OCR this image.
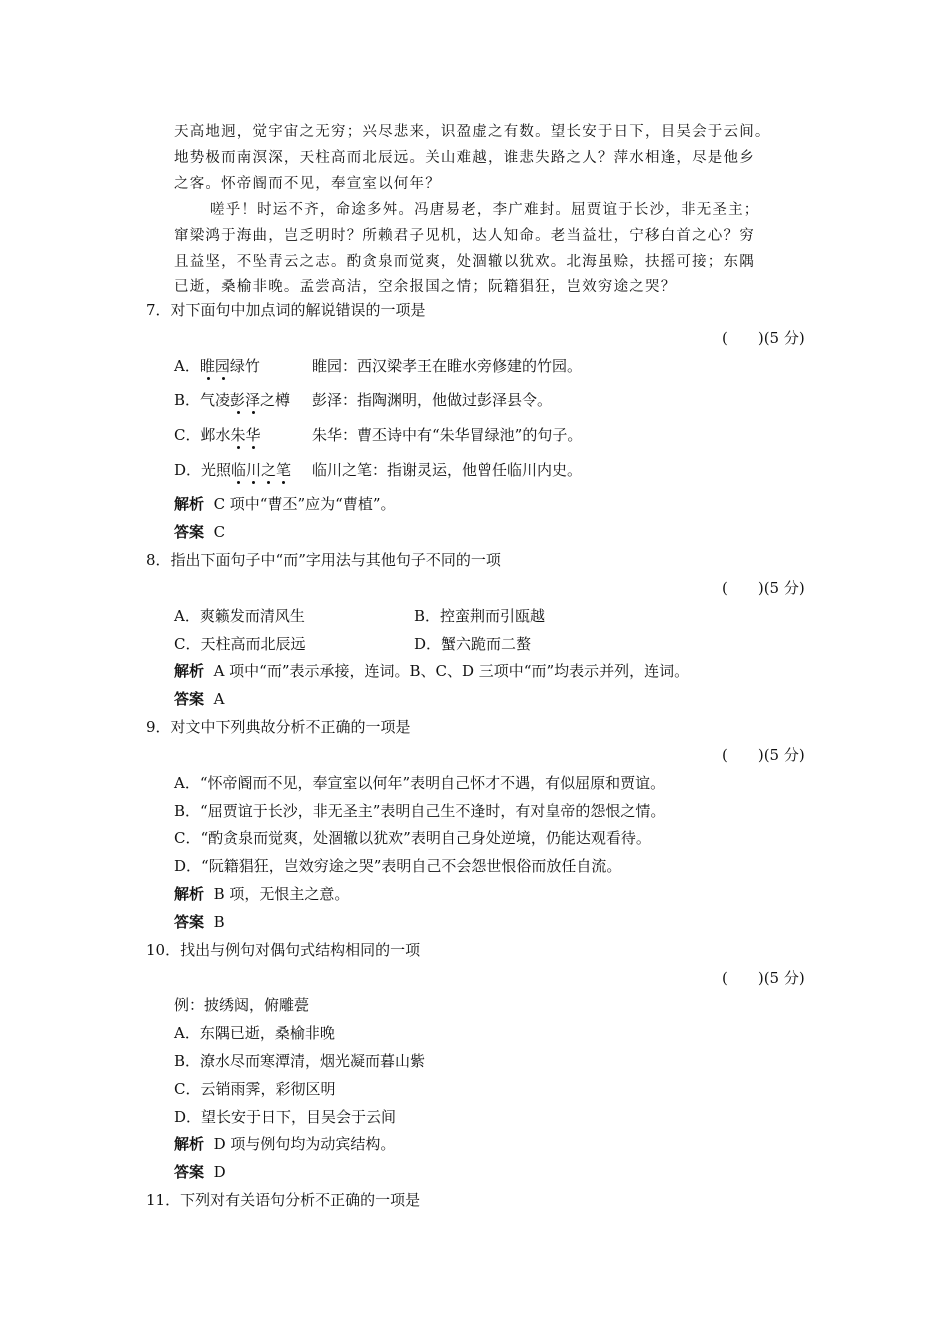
天高地迥，觉宇宙之无穷；兴尽悲来，识盈虚之有数。望长安于日下，目吴会于云间。
地势极而南溟深，天柱高而北辰远。关山难越，谁悲失路之人？萍水相逢，尽是他乡
之客。怀帝阍而不见，奉宣室以何年？
嗟乎！时运不齐，命途多舛。冯唐易老，李广难封。屈贾谊于长沙，非无圣主；
窜梁鸿于海曲，岂乏明时？所赖君子见机，达人知命。老当益壮，宁移白首之心？穷
且益坚，不坠青云之志。酌贪泉而觉爽，处涸辙以犹欢。北海虽赊，扶摇可接；东隅
已逝，桑榆非晚。孟尝高洁，空余报国之情；阮籍猖狂，岂效穷途之哭？
7．对下面句中加点词的解说错误的一项是
(　　)(5 分)
A．睢园绿竹	睢园：西汉梁孝王在睢水旁修建的竹园。
B．气凌彭泽之樽 彭泽：指陶渊明，他做过彭泽县令。
C．邺水朱华	朱华：曹丕诗中有“朱华冒绿池”的句子。
D．光照临川之笔 临川之笔：指谢灵运，他曾任临川内史。
解析 C 项中“曹丕”应为“曹植”。
答案 C
8．指出下面句子中“而”字用法与其他句子不同的一项
(　　)(5 分)
A．爽籁发而清风生	B．控蛮荆而引瓯越
C．天柱高而北辰远	D．蟹六跪而二螯
解析 A 项中“而”表示承接，连词。B、C、D 三项中“而”均表示并列，连词。
答案 A
9．对文中下列典故分析不正确的一项是
(　　)(5 分)
A．“怀帝阍而不见，奉宣室以何年”表明自己怀才不遇，有似屈原和贾谊。
B．“屈贾谊于长沙，非无圣主”表明自己生不逢时，有对皇帝的怨恨之情。
C．“酌贪泉而觉爽，处涸辙以犹欢”表明自己身处逆境，仍能达观看待。
D．“阮籍猖狂，岂效穷途之哭”表明自己不会怨世恨俗而放任自流。
解析 B 项，无恨主之意。
答案 B
10．找出与例句对偶句式结构相同的一项
(　　)(5 分)
例：披绣闼，俯雕甍
A．东隅已逝，桑榆非晚
B．潦水尽而寒潭清，烟光凝而暮山紫
C．云销雨霁，彩彻区明
D．望长安于日下，目吴会于云间
解析 D 项与例句均为动宾结构。
答案 D
11．下列对有关语句分析不正确的一项是
